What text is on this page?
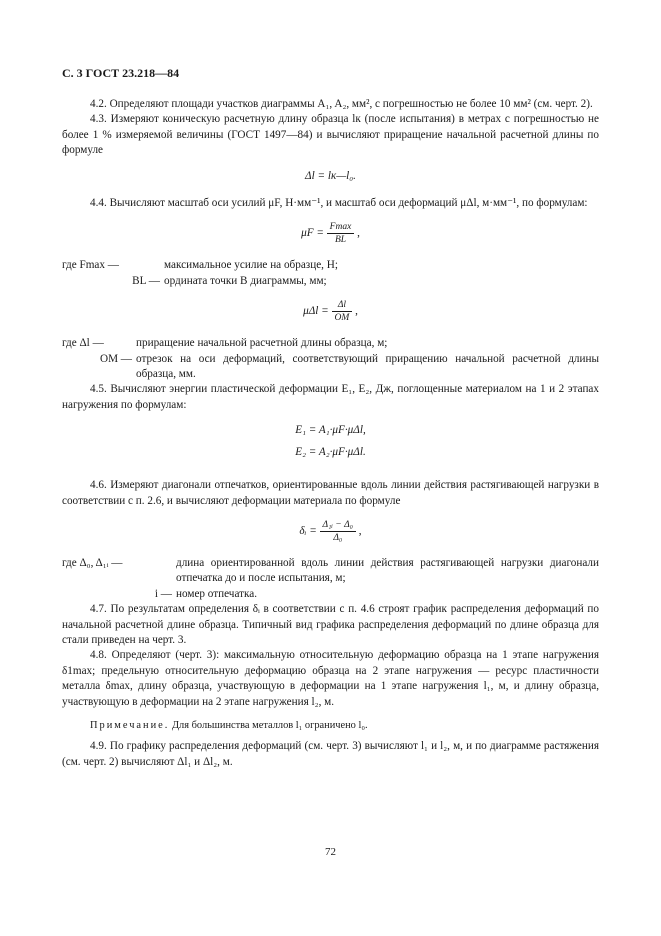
С. 3 ГОСТ 23.218—84

4.2. Определяют площади участков диаграммы A₁, A₂, мм², с погрешностью не более 10 мм² (см. черт. 2).

4.3. Измеряют коническую расчетную длину образца lк (после испытания) в метрах с погрешностью не более 1 % измеряемой величины (ГОСТ 1497—84) и вычисляют приращение начальной расчетной длины по формуле

Δl = lк—l₀.

4.4. Вычисляют масштаб оси усилий μF, Н·мм⁻¹, и масштаб оси деформаций μΔl, м·мм⁻¹, по формулам:

$\mu F = \frac{Fmax}{BL}$ ,
где Fmax —	максимальное усилие на образце, Н;
BL — ордината точки B диаграммы, мм;
$\mu\Delta l = \frac{\Delta l}{OM}$ ,
где Δl —	приращение начальной расчетной длины образца, м;
OM — отрезок на оси деформаций, соответствующий приращению начальной расчетной длины образца, мм.

4.5. Вычисляют энергии пластической деформации E₁, E₂, Дж, поглощенные материалом на 1 и 2 этапах нагружения по формулам:

E₁ = A₁·μF·μΔl,
E₂ = A₂·μF·μΔl.

4.6. Измеряют диагонали отпечатков, ориентированные вдоль линии действия растягивающей нагрузки в соответствии с п. 2.6, и вычисляют деформации материала по формуле

δᵢ = $\frac{\text{Δ₁ᵢ − Δ₀}}{\text{Δ₀}}$ ,
где Δ₀, Δ₁ᵢ —	длина ориентированной вдоль линии действия растягивающей нагрузки диагонали отпечатка до и после испытания, м;
i — номер отпечатка.

4.7. По результатам определения δᵢ в соответствии с п. 4.6 строят график распределения деформаций по начальной расчетной длине образца. Типичный вид графика распределения деформаций по длине образца для стали приведен на черт. 3.

4.8. Определяют (черт. 3): максимальную относительную деформацию образца на 1 этапе нагружения δ1max; предельную относительную деформацию образца на 2 этапе нагружения — ресурс пластичности металла δmax, длину образца, участвующую в деформации на 1 этапе нагружения l₁, м, и длину образца, участвующую в деформации на 2 этапе нагружения l₂, м.

Примечание. Для большинства металлов l₁ ограничено l₀.

4.9. По графику распределения деформаций (см. черт. 3) вычисляют l₁ и l₂, м, и по диаграмме растяжения (см. черт. 2) вычисляют Δl₁ и Δl₂, м.

72
